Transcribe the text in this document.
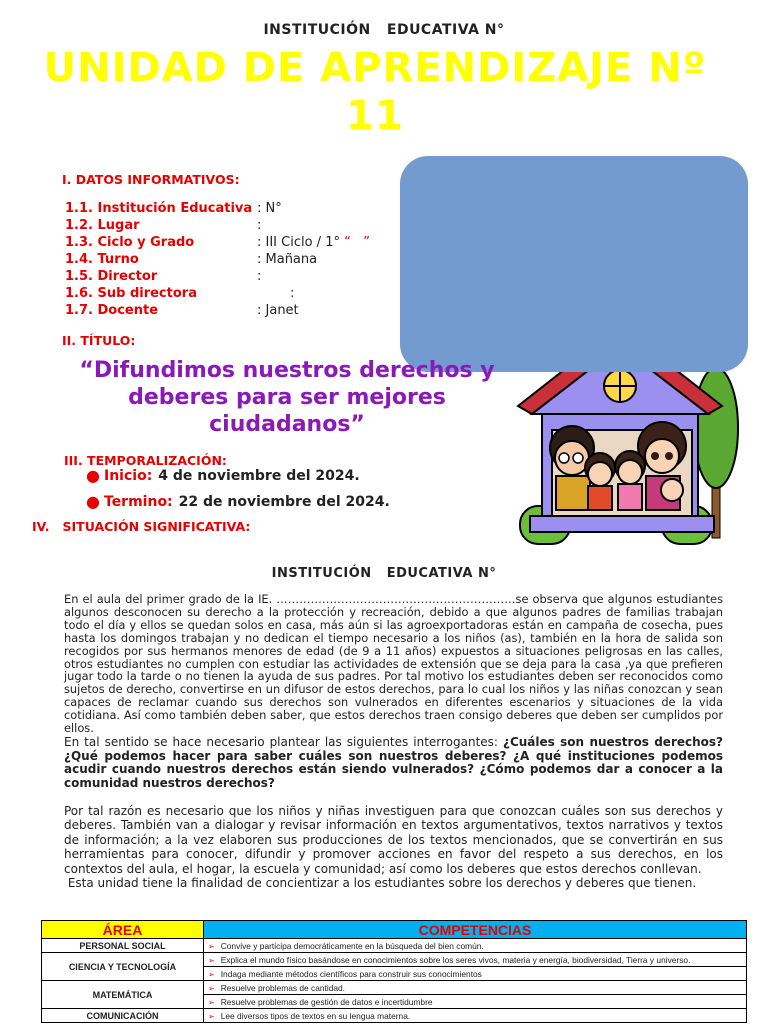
INSTITUCIÓN   EDUCATIVA N°
UNIDAD DE APRENDIZAJE Nº 11
I. DATOS INFORMATIVOS:
1.1. Institución Educativa : N°
1.2. Lugar	:
1.3. Ciclo y Grado	: III Ciclo / 1° “   ”
1.4. Turno	: Mañana
1.5. Director	:
1.6. Sub directora	:
1.7. Docente	: Janet
II. TÍTULO:
“Difundimos nuestros derechos y deberes para ser mejores ciudadanos”
III. TEMPORALIZACIÓN:
● Inicio: 4 de noviembre del 2024.
● Termino: 22 de noviembre del 2024.
IV.   SITUACIÓN SIGNIFICATIVA:
INSTITUCIÓN   EDUCATIVA N°
En el aula del primer grado de la IE. ………………………………………………………se observa que algunos estudiantes algunos desconocen su derecho a la protección y recreación, debido a que algunos padres de familias trabajan todo el día y ellos se quedan solos en casa, más aún si las agroexportadoras están en campaña de cosecha, pues hasta los domingos trabajan y no dedican el tiempo necesario a los niños (as), también en la hora de salida son recogidos por sus hermanos menores de edad (de 9 a 11 años) expuestos a situaciones peligrosas en las calles, otros estudiantes no cumplen con estudiar las actividades de extensión que se deja para la casa ,ya que prefieren jugar todo la tarde o no tienen la ayuda de sus padres. Por tal motivo los estudiantes deben ser reconocidos como sujetos de derecho, convertirse en un difusor de estos derechos, para lo cual los niños y las niñas conozcan y sean capaces de reclamar cuando sus derechos son vulnerados en diferentes escenarios y situaciones de la vida cotidiana. Así como también deben saber, que estos derechos traen consigo deberes que deben ser cumplidos por ellos.
En tal sentido se hace necesario plantear las siguientes interrogantes: ¿Cuáles son nuestros derechos? ¿Qué podemos hacer para saber cuáles son nuestros deberes? ¿A qué instituciones podemos acudir cuando nuestros derechos están siendo vulnerados? ¿Cómo podemos dar a conocer a la comunidad nuestros derechos?
Por tal razón es necesario que los niños y niñas investiguen para que conozcan cuáles son sus derechos y deberes. También van a dialogar y revisar información en textos argumentativos, textos narrativos y textos de información; a la vez elaboren sus producciones de los textos mencionados, que se convertirán en sus herramientas para conocer, difundir y promover acciones en favor del respeto a sus derechos, en los contextos del aula, el hogar, la escuela y comunidad; así como los deberes que estos derechos conllevan.
Esta unidad tiene la finalidad de concientizar a los estudiantes sobre los derechos y deberes que tienen.
ÁREA	COMPETENCIAS
PERSONAL SOCIAL	➢ Convive y participa democráticamente en la búsqueda del bien común.
CIENCIA Y TECNOLOGÍA	➢ Explica el mundo físico basándose en conocimientos sobre los seres vivos, materia y energía, biodiversidad, Tierra y universo.
	➢ Indaga mediante métodos científicos para construir sus conocimientos
MATEMÁTICA	➢ Resuelve problemas de cantidad.
	➢ Resuelve problemas de gestión de datos e incertidumbre
COMUNICACIÓN	➢ Lee diversos tipos de textos en su lengua materna.
